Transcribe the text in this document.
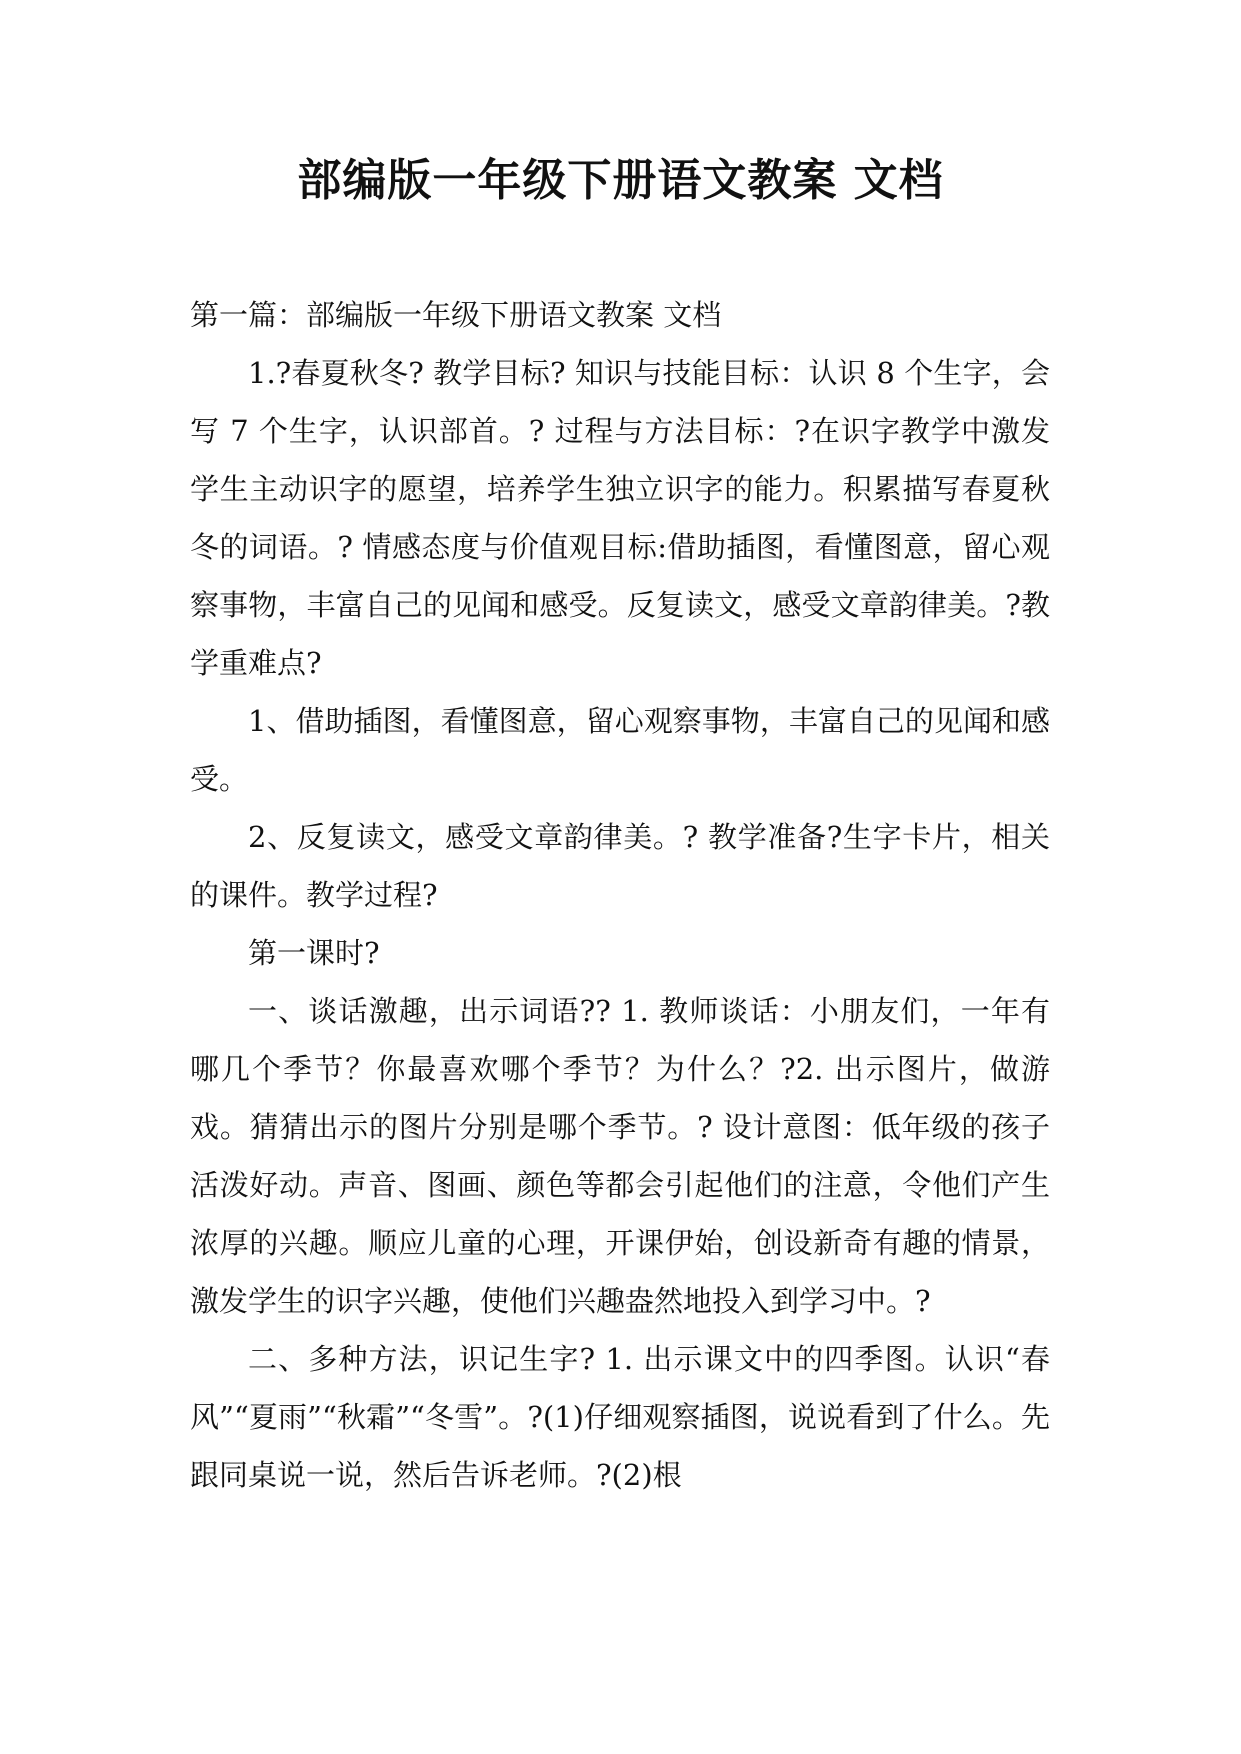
部编版一年级下册语文教案 文档

第一篇：部编版一年级下册语文教案 文档

1.?春夏秋冬? 教学目标? 知识与技能目标：认识 8 个生字，会写 7 个生字，认识部首。? 过程与方法目标：?在识字教学中激发学生主动识字的愿望，培养学生独立识字的能力。积累描写春夏秋冬的词语。? 情感态度与价值观目标:借助插图，看懂图意，留心观察事物，丰富自己的见闻和感受。反复读文，感受文章韵律美。?教学重难点?

1、借助插图，看懂图意，留心观察事物，丰富自己的见闻和感受。

2、反复读文，感受文章韵律美。? 教学准备?生字卡片，相关的课件。教学过程?

第一课时?

一、谈话激趣，出示词语?? 1. 教师谈话：小朋友们，一年有哪几个季节？你最喜欢哪个季节？为什么？?2. 出示图片，做游戏。猜猜出示的图片分别是哪个季节。? 设计意图：低年级的孩子活泼好动。声音、图画、颜色等都会引起他们的注意，令他们产生浓厚的兴趣。顺应儿童的心理，开课伊始，创设新奇有趣的情景，激发学生的识字兴趣，使他们兴趣盎然地投入到学习中。?

二、多种方法，识记生字? 1. 出示课文中的四季图。认识“春风”“夏雨”“秋霜”“冬雪”。?(1)仔细观察插图，说说看到了什么。先跟同桌说一说，然后告诉老师。?(2)根
